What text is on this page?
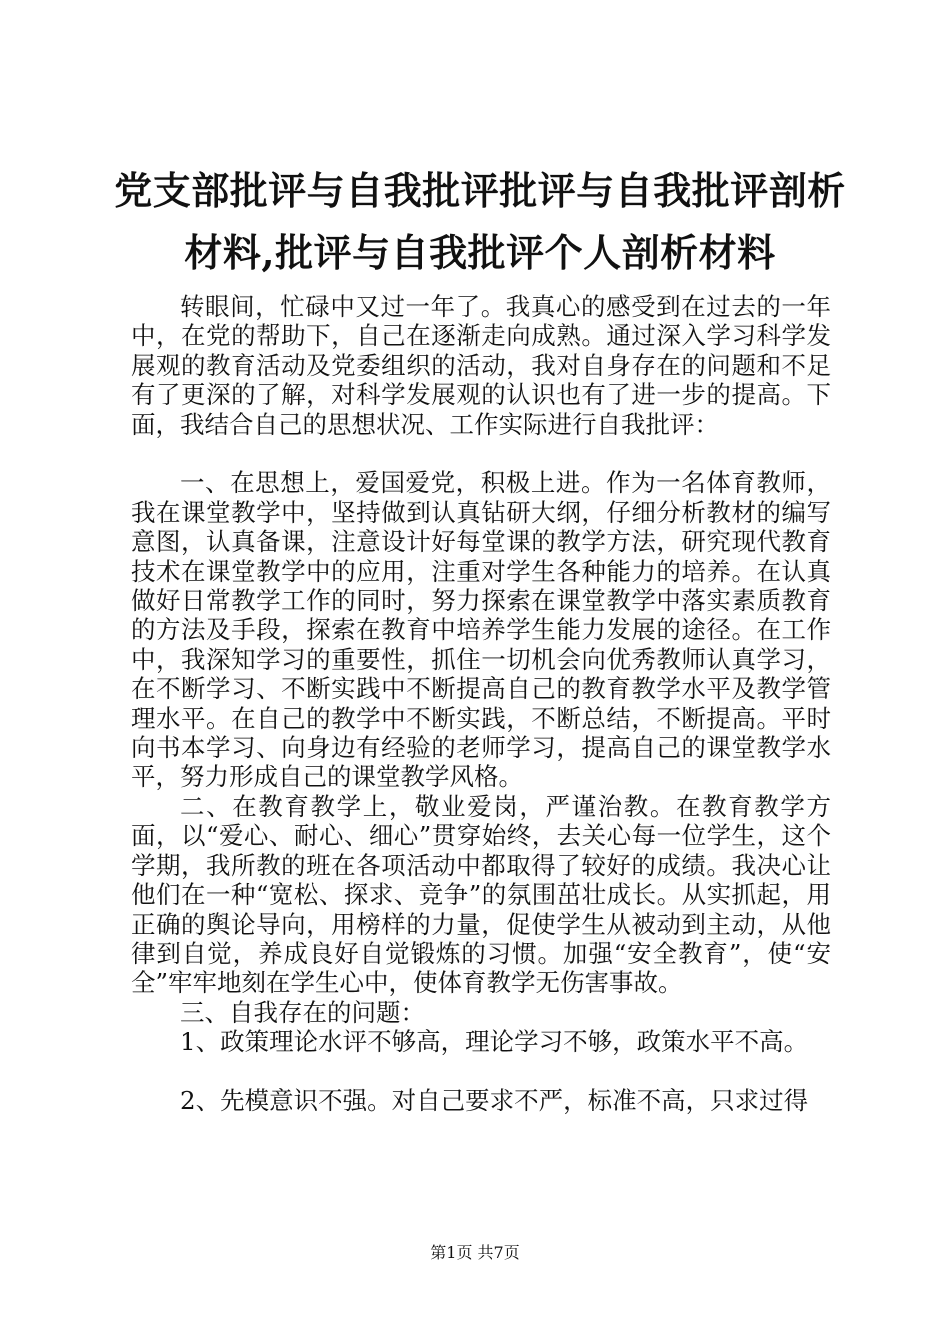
党支部批评与自我批评批评与自我批评剖析材料,批评与自我批评个人剖析材料

转眼间，忙碌中又过一年了。我真心的感受到在过去的一年中，在党的帮助下，自己在逐渐走向成熟。通过深入学习科学发展观的教育活动及党委组织的活动，我对自身存在的问题和不足有了更深的了解，对科学发展观的认识也有了进一步的提高。下面，我结合自己的思想状况、工作实际进行自我批评：

一、在思想上，爱国爱党，积极上进。作为一名体育教师，我在课堂教学中，坚持做到认真钻研大纲，仔细分析教材的编写意图，认真备课，注意设计好每堂课的教学方法，研究现代教育技术在课堂教学中的应用，注重对学生各种能力的培养。在认真做好日常教学工作的同时，努力探索在课堂教学中落实素质教育的方法及手段，探索在教育中培养学生能力发展的途径。在工作中，我深知学习的重要性，抓住一切机会向优秀教师认真学习，在不断学习、不断实践中不断提高自己的教育教学水平及教学管理水平。在自己的教学中不断实践，不断总结，不断提高。平时向书本学习、向身边有经验的老师学习，提高自己的课堂教学水平，努力形成自己的课堂教学风格。

二、在教育教学上，敬业爱岗，严谨治教。在教育教学方面，以“爱心、耐心、细心”贯穿始终，去关心每一位学生，这个学期，我所教的班在各项活动中都取得了较好的成绩。我决心让他们在一种“宽松、探求、竞争”的氛围茁壮成长。从实抓起，用正确的舆论导向，用榜样的力量，促使学生从被动到主动，从他律到自觉，养成良好自觉锻炼的习惯。加强“安全教育”，使“安全”牢牢地刻在学生心中，使体育教学无伤害事故。

三、自我存在的问题：

1、政策理论水评不够高，理论学习不够，政策水平不高。

2、先模意识不强。对自己要求不严，标准不高，只求过得

第1页 共7页
